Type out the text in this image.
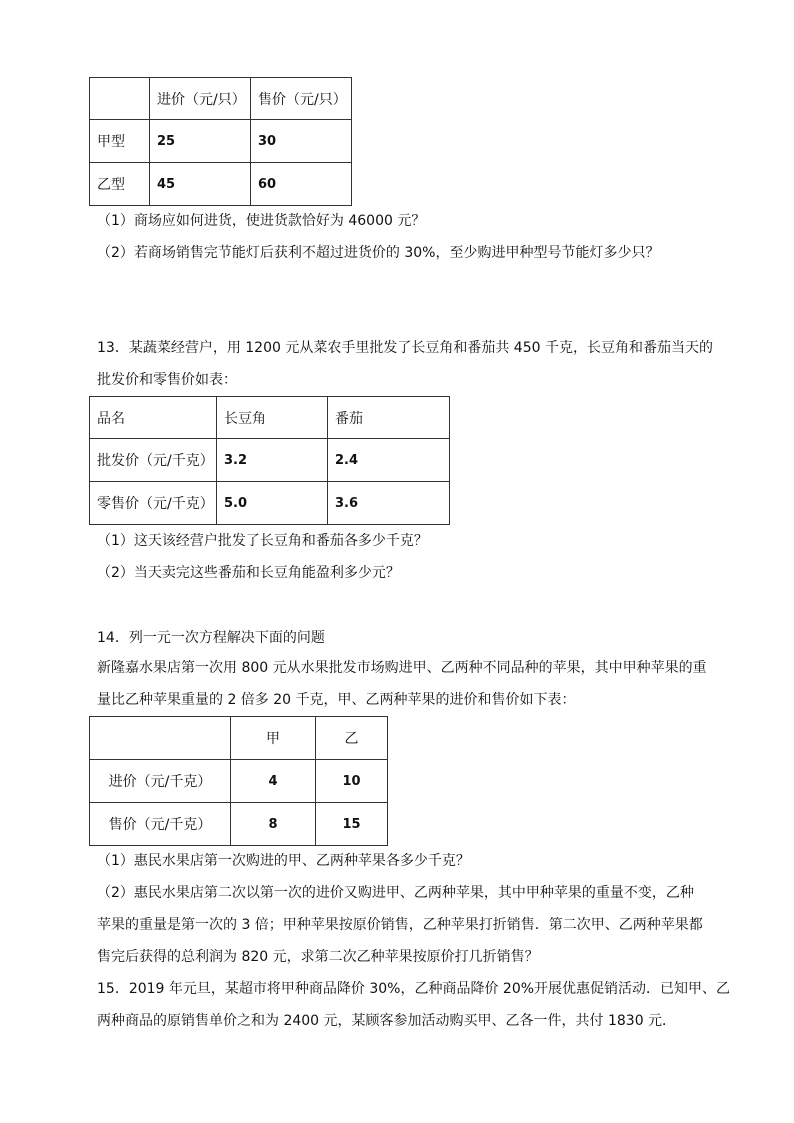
	进价（元/只）	售价（元/只）
甲型	25	30
乙型	45	60
（1）商场应如何进货，使进货款恰好为 46000 元？
（2）若商场销售完节能灯后获利不超过进货价的 30%，至少购进甲种型号节能灯多少只？
13．某蔬菜经营户，用 1200 元从菜农手里批发了长豆角和番茄共 450 千克，长豆角和番茄当天的
批发价和零售价如表：
品名	长豆角	番茄
批发价（元/千克）	3.2	2.4
零售价（元/千克）	5.0	3.6
（1）这天该经营户批发了长豆角和番茄各多少千克？
（2）当天卖完这些番茄和长豆角能盈利多少元？
14．列一元一次方程解决下面的问题
新隆嘉水果店第一次用 800 元从水果批发市场购进甲、乙两种不同品种的苹果，其中甲种苹果的重
量比乙种苹果重量的 2 倍多 20 千克，甲、乙两种苹果的进价和售价如下表：
	甲	乙
进价（元/千克）	4	10
售价（元/千克）	8	15
（1）惠民水果店第一次购进的甲、乙两种苹果各多少千克？
（2）惠民水果店第二次以第一次的进价又购进甲、乙两种苹果，其中甲种苹果的重量不变，乙种
苹果的重量是第一次的 3 倍；甲种苹果按原价销售，乙种苹果打折销售．第二次甲、乙两种苹果都
售完后获得的总利润为 820 元，求第二次乙种苹果按原价打几折销售？
15．2019 年元旦，某超市将甲种商品降价 30%，乙种商品降价 20%开展优惠促销活动．已知甲、乙
两种商品的原销售单价之和为 2400 元，某顾客参加活动购买甲、乙各一件，共付 1830 元．
